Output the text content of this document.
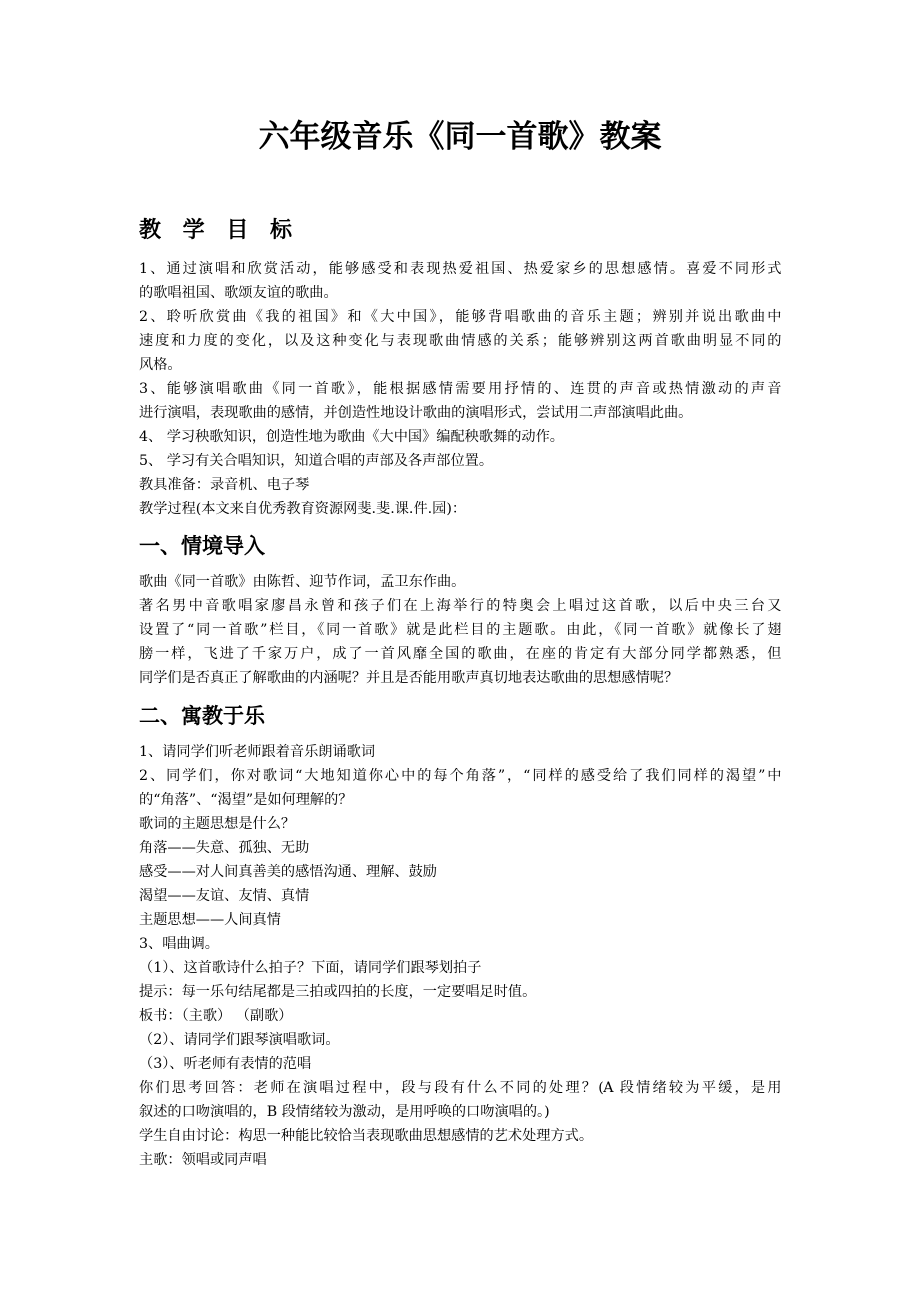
六年级音乐《同一首歌》教案
教 学 目 标

1、通过演唱和欣赏活动，能够感受和表现热爱祖国、热爱家乡的思想感情。喜爱不同形式

的歌唱祖国、歌颂友谊的歌曲。

2、聆听欣赏曲《我的祖国》和《大中国》，能够背唱歌曲的音乐主题；辨别并说出歌曲中

速度和力度的变化，以及这种变化与表现歌曲情感的关系；能够辨别这两首歌曲明显不同的

风格。

3、能够演唱歌曲《同一首歌》，能根据感情需要用抒情的、连贯的声音或热情激动的声音

进行演唱，表现歌曲的感情，并创造性地设计歌曲的演唱形式，尝试用二声部演唱此曲。

4、 学习秧歌知识，创造性地为歌曲《大中国》编配秧歌舞的动作。

5、 学习有关合唱知识，知道合唱的声部及各声部位置。

教具准备：录音机、电子琴

教学过程(本文来自优秀教育资源网斐.斐.课.件.园)：

一、情境导入

歌曲《同一首歌》由陈哲、迎节作词，孟卫东作曲。

著名男中音歌唱家廖昌永曾和孩子们在上海举行的特奥会上唱过这首歌，以后中央三台又

设置了“同一首歌”栏目，《同一首歌》就是此栏目的主题歌。由此，《同一首歌》就像长了翅

膀一样，飞进了千家万户，成了一首风靡全国的歌曲，在座的肯定有大部分同学都熟悉，但

同学们是否真正了解歌曲的内涵呢？并且是否能用歌声真切地表达歌曲的思想感情呢？

二、寓教于乐

1、请同学们听老师跟着音乐朗诵歌词

2、同学们，你对歌词“大地知道你心中的每个角落”，“同样的感受给了我们同样的渴望”中

的“角落”、“渴望”是如何理解的？

歌词的主题思想是什么？

角落——失意、孤独、无助

感受——对人间真善美的感悟沟通、理解、鼓励

渴望——友谊、友情、真情

主题思想——人间真情

3、唱曲调。

（1）、这首歌诗什么拍子？下面，请同学们跟琴划拍子

提示：每一乐句结尾都是三拍或四拍的长度，一定要唱足时值。

板书：（主歌） （副歌）

（2）、请同学们跟琴演唱歌词。

（3）、听老师有表情的范唱

你们思考回答：老师在演唱过程中，段与段有什么不同的处理？(A 段情绪较为平缓，是用

叙述的口吻演唱的，B 段情绪较为激动，是用呼唤的口吻演唱的。)

学生自由讨论：构思一种能比较恰当表现歌曲思想感情的艺术处理方式。

主歌：领唱或同声唱
